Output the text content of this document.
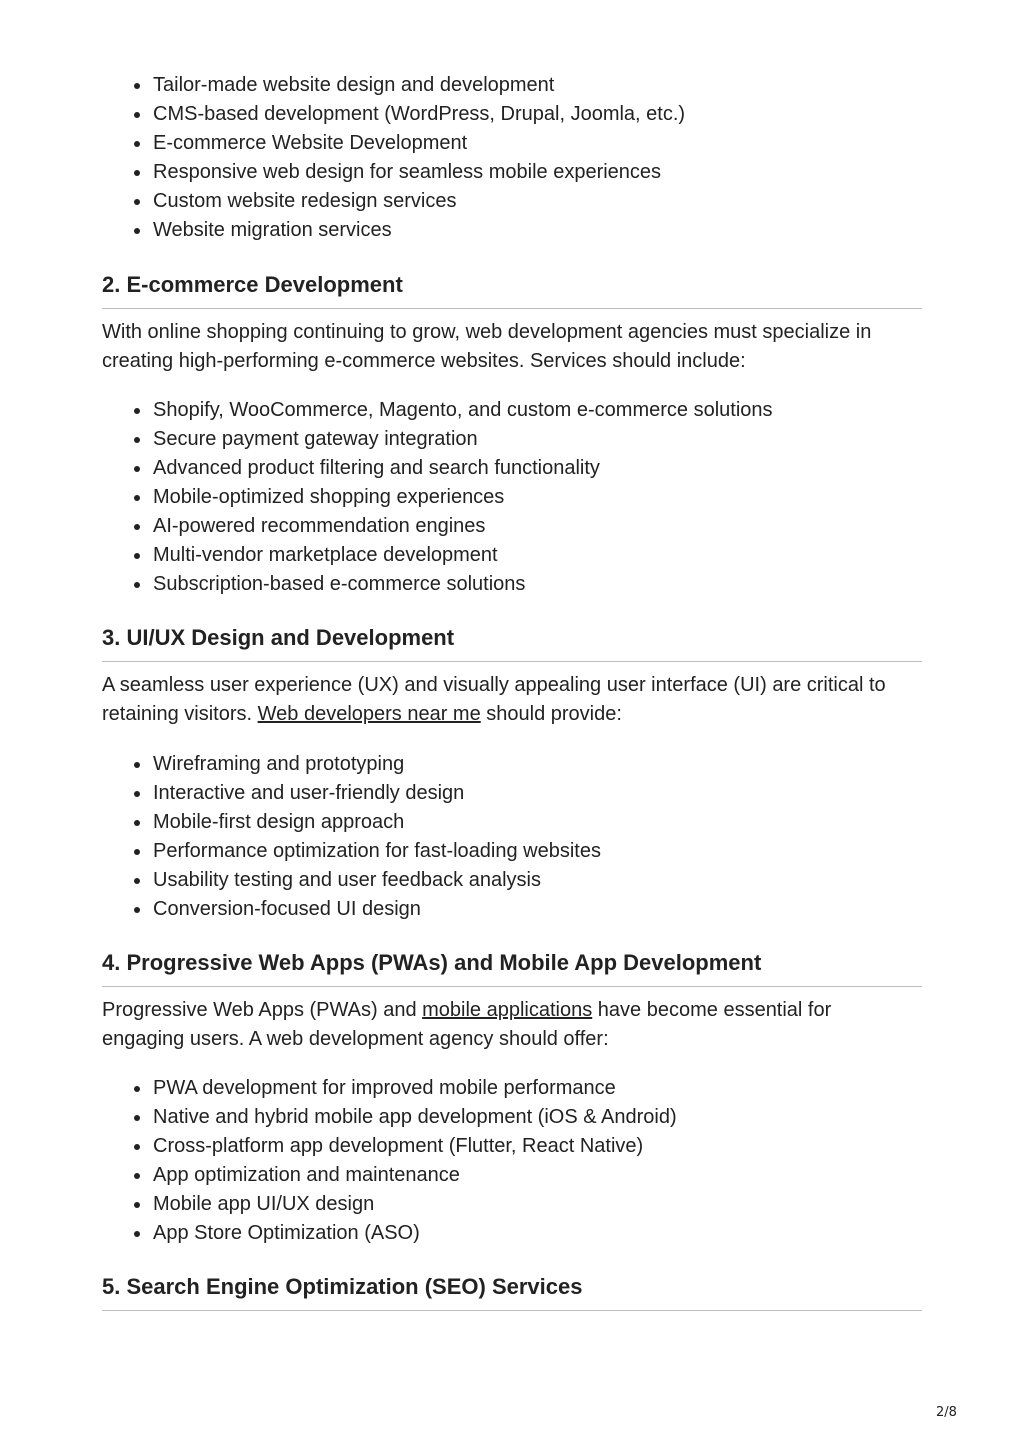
Tailor-made website design and development
CMS-based development (WordPress, Drupal, Joomla, etc.)
E-commerce Website Development
Responsive web design for seamless mobile experiences
Custom website redesign services
Website migration services
2. E-commerce Development

With online shopping continuing to grow, web development agencies must specialize in
creating high-performing e-commerce websites. Services should include:

Shopify, WooCommerce, Magento, and custom e-commerce solutions
Secure payment gateway integration
Advanced product filtering and search functionality
Mobile-optimized shopping experiences
AI-powered recommendation engines
Multi-vendor marketplace development
Subscription-based e-commerce solutions
3. UI/UX Design and Development

A seamless user experience (UX) and visually appealing user interface (UI) are critical to
retaining visitors. Web developers near me should provide:

Wireframing and prototyping
Interactive and user-friendly design
Mobile-first design approach
Performance optimization for fast-loading websites
Usability testing and user feedback analysis
Conversion-focused UI design
4. Progressive Web Apps (PWAs) and Mobile App Development

Progressive Web Apps (PWAs) and mobile applications have become essential for
engaging users. A web development agency should offer:

PWA development for improved mobile performance
Native and hybrid mobile app development (iOS & Android)
Cross-platform app development (Flutter, React Native)
App optimization and maintenance
Mobile app UI/UX design
App Store Optimization (ASO)
5. Search Engine Optimization (SEO) Services
2/8
